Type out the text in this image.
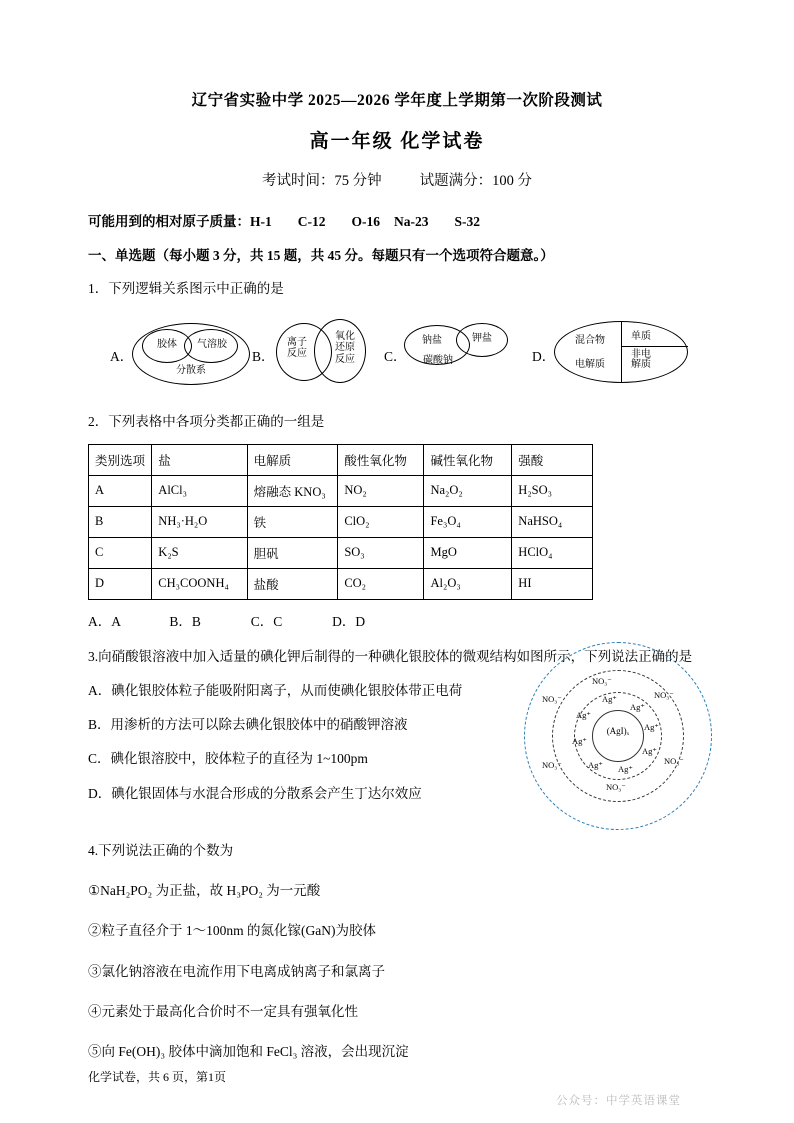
辽宁省实验中学 2025—2026 学年度上学期第一次阶段测试
高一年级 化学试卷
考试时间：75 分钟	试题满分：100 分
可能用到的相对原子质量：H-1 C-12 O-16 Na-23 S-32
一、单选题（每小题 3 分，共 15 题，共 45 分。每题只有一个选项符合题意。）
1．下列逻辑关系图示中正确的是
A．
胶体	气溶胶
分散系
B．
离子反应
氧化还原反应 C．
钠盐	钾盐
碳酸钠	D．
混合物
电解质
单质
非电解质
2．下列表格中各项分类都正确的一组是
类别选项	盐	电解质	酸性氧化物	碱性氧化物	强酸
A	AlCl₃	熔融态 KNO₃	NO₂	Na₂O₂	H₂SO₃
B	NH₃·H₂O	铁	ClO₂	Fe₃O₄	NaHSO₄
C	K₂S	胆矾	SO₃	MgO	HClO₄
D	CH₃COONH₄	盐酸	CO₂	Al₂O₃	HI
A．A	B．B	C．C	D．D
3.向硝酸银溶液中加入适量的碘化钾后制得的一种碘化银胶体的微观结构如图所示，下列说法正确的是
A．碘化银胶体粒子能吸附阳离子，从而使碘化银胶体带正电荷
B．用渗析的方法可以除去碘化银胶体中的硝酸钾溶液
C．碘化银溶胶中，胶体粒子的直径为 1~100pm
D．碘化银固体与水混合形成的分散系会产生丁达尔效应
(AgI)ₓ
Ag⁺
Ag⁺
Ag⁺
Ag⁺
Ag⁺
Ag⁺
Ag⁺
Ag⁺
NO₃⁻
NO₃⁻
NO₃⁻
NO₃⁻
NO₃⁻
NO₃⁻
4.下列说法正确的个数为
①NaH₂PO₂ 为正盐，故 H₃PO₂ 为一元酸
②粒子直径介于 1～100nm 的氮化镓(GaN)为胶体
③氯化钠溶液在电流作用下电离成钠离子和氯离子
④元素处于最高化合价时不一定具有强氧化性
⑤向 Fe(OH)₃ 胶体中滴加饱和 FeCl₃ 溶液，会出现沉淀
化学试卷，共 6 页，第1页
公众号：中学英语课堂
